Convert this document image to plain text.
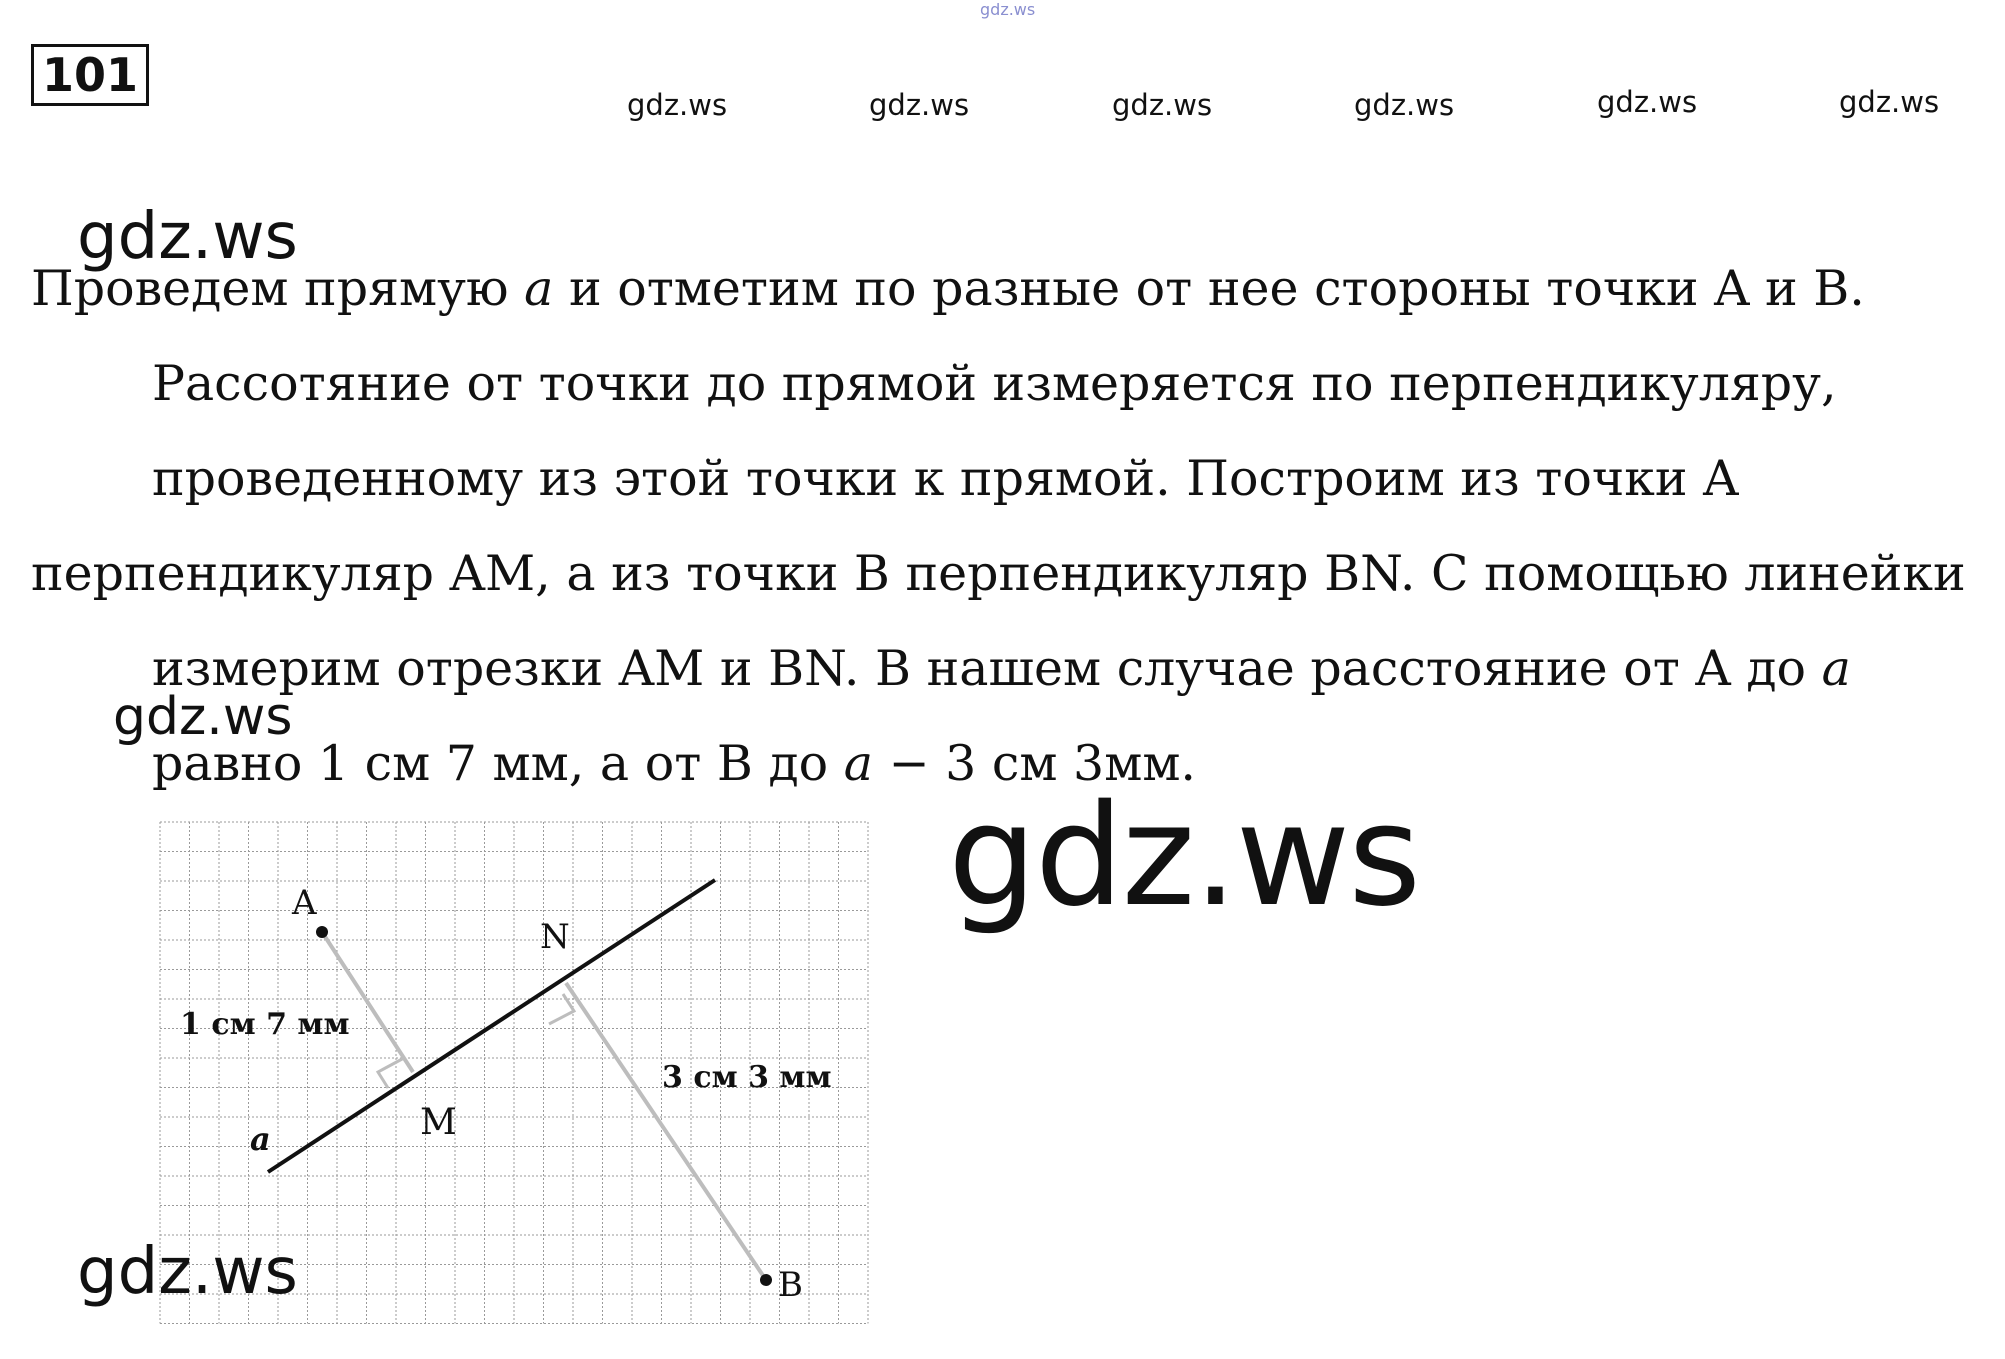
gdz.ws
gdz.ws	gdz.ws	gdz.ws	gdz.ws	gdz.ws	gdz.ws
101
gdz.ws
Проведем прямую a и отметим по разные от нее стороны точки A и B.
Рассотяние от точки до прямой измеряется по перпендикуляру,
проведенному из этой точки к прямой. Построим из точки A
перпендикуляр AM, а из точки B перпендикуляр BN. С помощью линейки
измерим отрезки AM и BN. В нашем случае расстояние от A до a
gdz.ws
равно 1 см 7 мм, а от B до a − 3 см 3мм.
gdz.ws
A
N
M
B
a
1 см 7 мм
3 см 3 мм
gdz.ws
